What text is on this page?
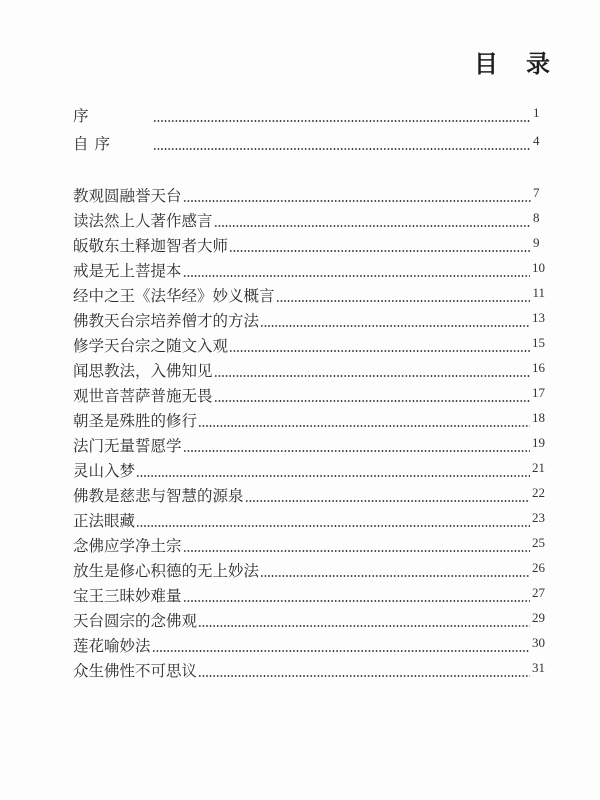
目 录
序	1
自序	4
教观圆融誉天台	7
读法然上人著作感言	8
皈敬东土释迦智者大师	9
戒是无上菩提本	10
经中之王《法华经》妙义概言	11
佛教天台宗培养僧才的方法	13
修学天台宗之随文入观	15
闻思教法，入佛知见	16
观世音菩萨普施无畏	17
朝圣是殊胜的修行	18
法门无量誓愿学	19
灵山入梦	21
佛教是慈悲与智慧的源泉	22
正法眼藏	23
念佛应学净土宗	25
放生是修心积德的无上妙法	26
宝王三昧妙难量	27
天台圆宗的念佛观	29
莲花喻妙法	30
众生佛性不可思议	31
